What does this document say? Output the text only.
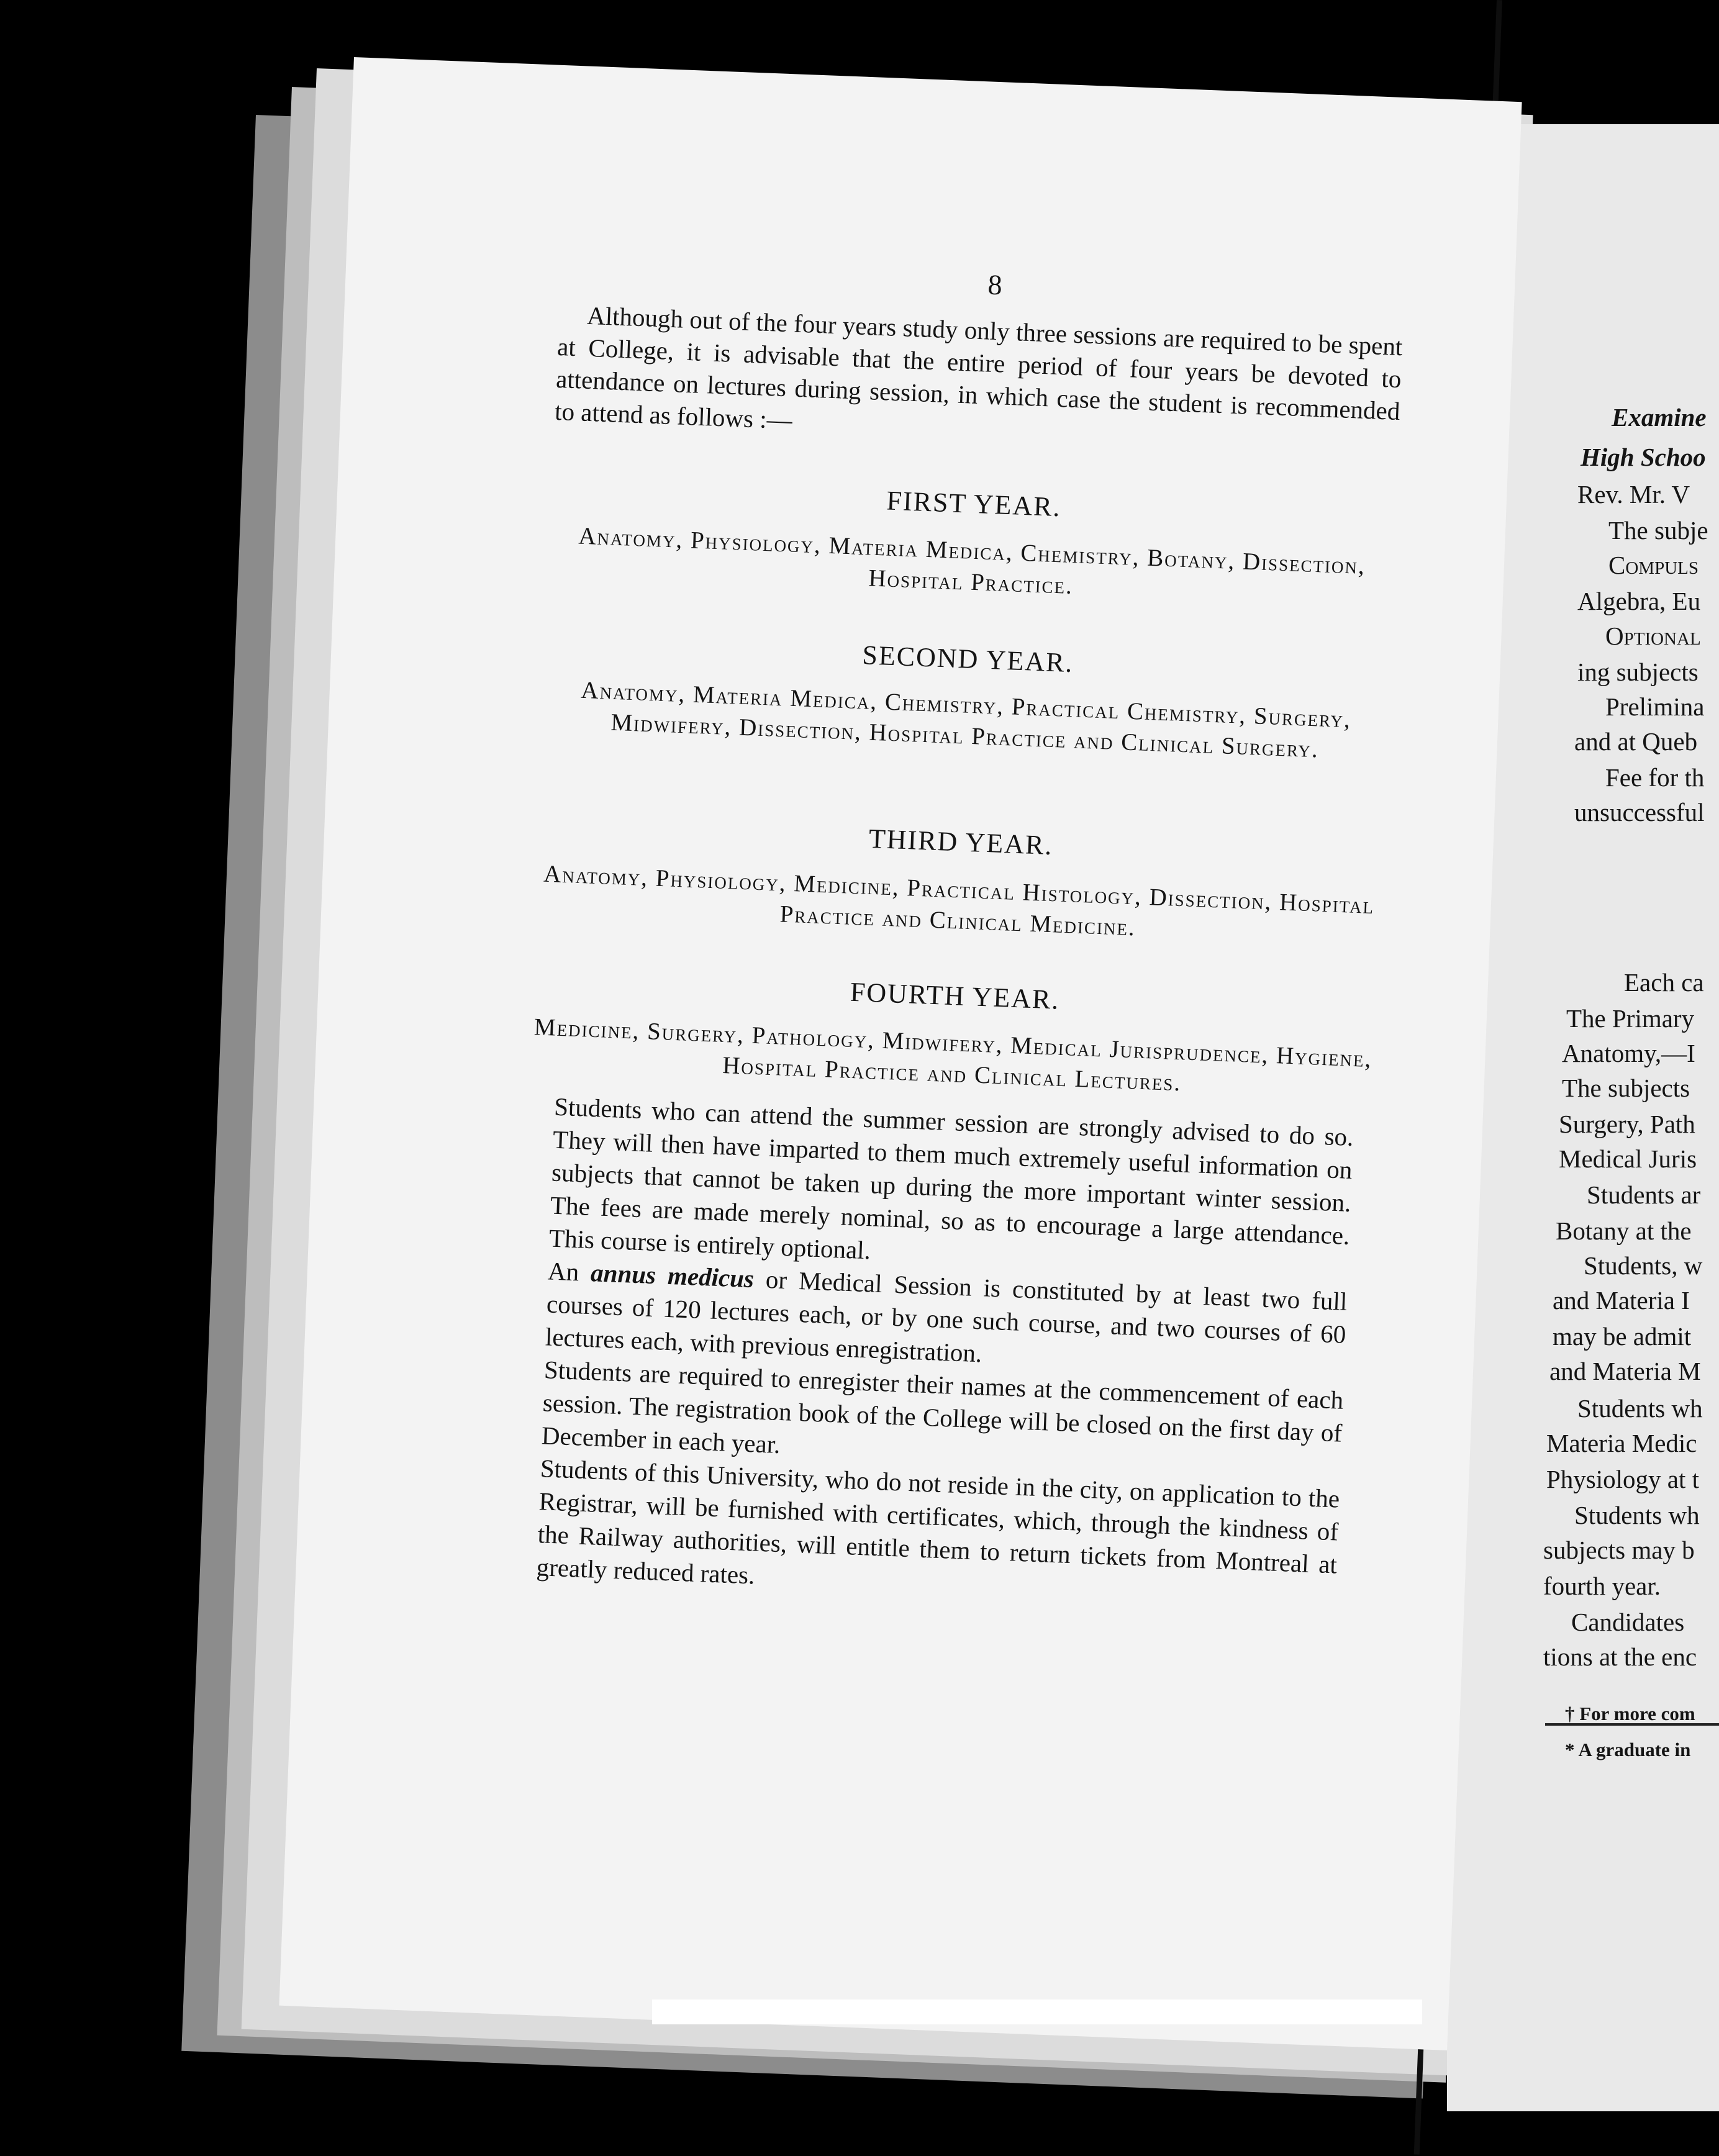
Examine
High Schoo
Rev. Mr. V
The subje
Compuls
Algebra, Eu
Optional
ing subjects
Prelimina
and at Queb
Fee for th
unsuccessful
Each ca
The Primary
Anatomy,—I
The subjects
Surgery, Path
Medical Juris
Students ar
Botany at the
Students, w
and Materia I
may be admit
and Materia M
Students wh
Materia Medic
Physiology at t
Students wh
subjects may b
fourth year.
Candidates
tions at the enc
† For more com
* A graduate in
8

Although out of the four years study only three sessions are required to be spent at College, it is advisable that the entire period of four years be devoted to attendance on lectures during session, in which case the student is recommended to attend as follows :—

FIRST YEAR.
Anatomy, Physiology, Materia Medica, Chemistry, Botany, Dissection, Hospital Practice.
SECOND YEAR.
Anatomy, Materia Medica, Chemistry, Practical Chemistry, Surgery, Midwifery, Dissection, Hospital Practice and Clinical Surgery.
THIRD YEAR.
Anatomy, Physiology, Medicine, Practical Histology, Dissection, Hospital Practice and Clinical Medicine.
FOURTH YEAR.
Medicine, Surgery, Pathology, Midwifery, Medical Jurisprudence, Hygiene, Hospital Practice and Clinical Lectures.

Students who can attend the summer session are strongly advised to do so. They will then have imparted to them much extremely useful information on subjects that cannot be taken up during the more important winter session. The fees are made merely nominal, so as to encourage a large attendance. This course is entirely optional.

An annus medicus or Medical Session is constituted by at least two full courses of 120 lectures each, or by one such course, and two courses of 60 lectures each, with previous enregistration.

Students are required to enregister their names at the commencement of each session. The registration book of the College will be closed on the first day of December in each year.

Students of this University, who do not reside in the city, on application to the Registrar, will be furnished with certificates, which, through the kindness of the Railway authorities, will entitle them to return tickets from Montreal at greatly reduced rates.
